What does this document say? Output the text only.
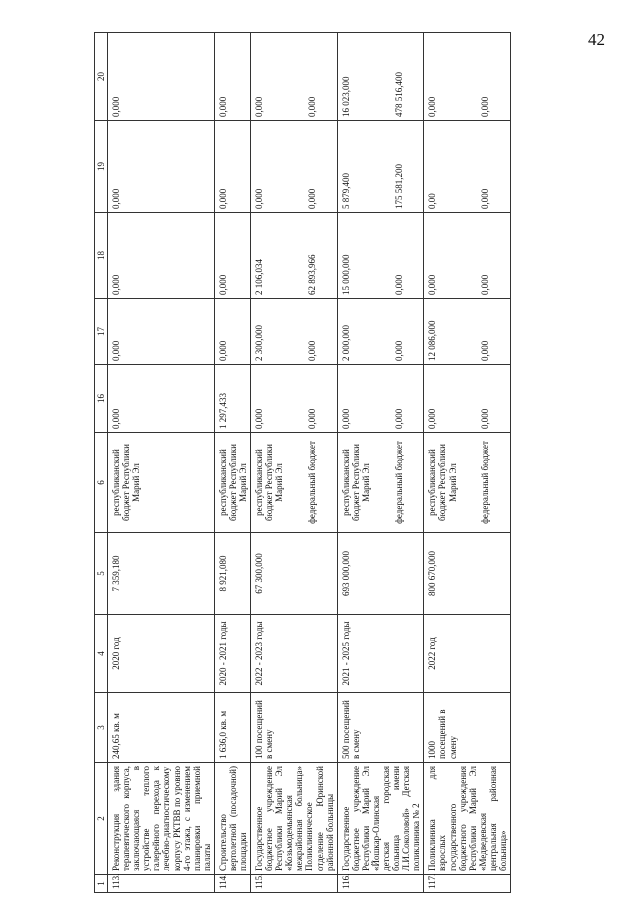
42
1	2	3	4	5	6	16	17	18	19	20
113.	Реконструкция здания терапевтического корпуса, заключающаяся в устройстве теплого галерейного перехода к лечебно-диагностическому корпусу РКТВВ по уровню 4-го этажа, с изменением планировки приемной палаты	240,65 кв. м	2020 год	7 359,180	республиканский бюджет Республики Марий Эл	0,000	0,000	0,000	0,000	0,000
114.	Строительство вертолетной (посадочной) площадки	1 636,0 кв. м	2020 - 2021 годы	8 921,080	республиканский бюджет Республики Марий Эл	1 297,433	0,000	0,000	0,000	0,000
115.	Государственное бюджетное учреждение Республики Марий Эл «Козьмодемьянская межрайонная больница» Поликлиническое отделение Юринской районной больницы	100 посещений в смену	2022 - 2023 годы	67 300,000	республиканский бюджет Республики Марий Эл	0,000	2 300,000	2 106,034	0,000	0,000
					федеральный бюджет	0,000	0,000	62 893,966	0,000	0,000
116.	Государственное бюджетное учреждение Республики Марий Эл «Йошкар-Олинская детская городская больница имени Л.И.Соколовой» Детская поликлиника № 2	500 посещений в смену	2021 - 2025 годы	693 000,000	республиканский бюджет Республики Марий Эл	0,000	2 000,000	15 000,000	5 879,400	16 023,000
					федеральный бюджет	0,000	0,000	0,000	175 581,200	478 516,400
117.	Поликлиника для взрослых государственного бюджетного учреждения Республики Марий Эл «Медведевская центральная районная больница»	1000 посещений в смену	2022 год	800 670,000	республиканский бюджет Республики Марий Эл	0,000	12 086,000	0,000	0,00	0,000
					федеральный бюджет	0,000	0,000	0,000	0,000	0,000
